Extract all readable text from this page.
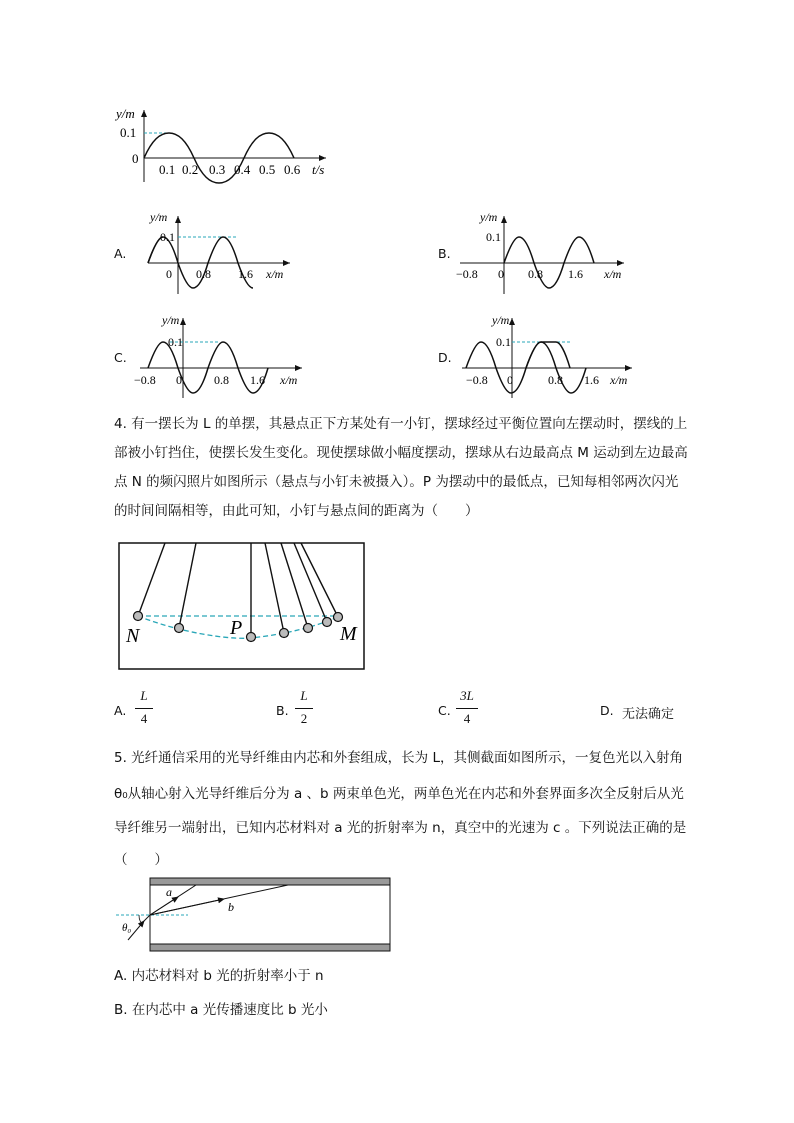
y/m
0.1
0
0.1 0.2 0.3 0.4 0.5 0.6 t/s
A.
y/m
0.1
0 0.8 1.6 x/m
B.
y/m
0.1
−0.8 0 0.8 1.6 x/m
C.
y/m
0.1
−0.8 0	0.8 1.6 x/m
D.
y/m
0.1
−0.8 0	0.8 1.6 x/m
4. 有一摆长为 L 的单摆，其悬点正下方某处有一小钉，摆球经过平衡位置向左摆动时，摆线的上
部被小钉挡住，使摆长发生变化。现使摆球做小幅度摆动，摆球从右边最高点 M 运动到左边最高
点 N 的频闪照片如图所示（悬点与小钉未被摄入）。P 为摆动中的最低点，已知每相邻两次闪光
的时间间隔相等，由此可知，小钉与悬点间的距离为（　　）
N	P	M
A.
L
4
B.
L
2
C.
3L
4
D. 无法确定
5. 光纤通信采用的光导纤维由内芯和外套组成，长为 L，其侧截面如图所示，一复色光以入射角
θ₀从轴心射入光导纤维后分为 a 、b 两束单色光，两单色光在内芯和外套界面多次全反射后从光
导纤维另一端射出，已知内芯材料对 a 光的折射率为 n，真空中的光速为 c 。下列说法正确的是
（　　）
a
b
θ₀
A. 内芯材料对 b 光的折射率小于 n
B. 在内芯中 a 光传播速度比 b 光小
